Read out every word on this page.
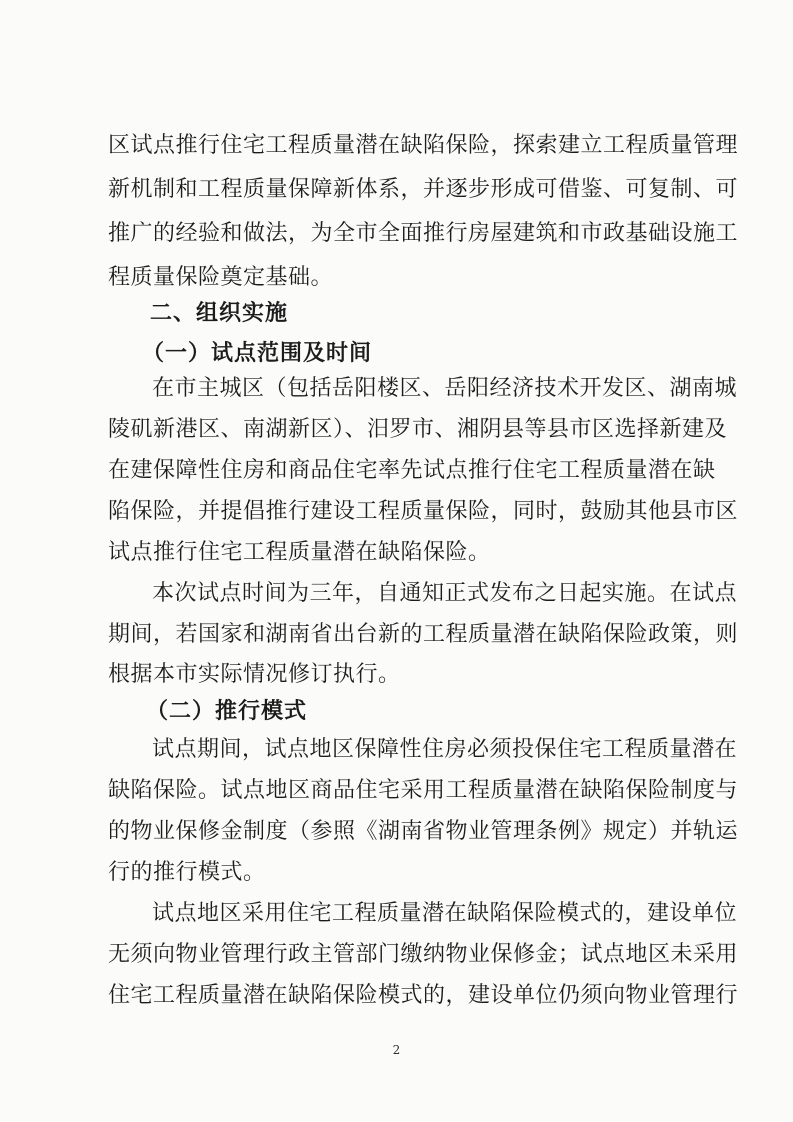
区试点推行住宅工程质量潜在缺陷保险，探索建立工程质量管理
新机制和工程质量保障新体系，并逐步形成可借鉴、可复制、可
推广的经验和做法，为全市全面推行房屋建筑和市政基础设施工
程质量保险奠定基础。
二、组织实施
（一）试点范围及时间
在市主城区（包括岳阳楼区、岳阳经济技术开发区、湖南城
陵矶新港区、南湖新区）、汨罗市、湘阴县等县市区选择新建及
在建保障性住房和商品住宅率先试点推行住宅工程质量潜在缺
陷保险，并提倡推行建设工程质量保险，同时，鼓励其他县市区
试点推行住宅工程质量潜在缺陷保险。
本次试点时间为三年，自通知正式发布之日起实施。在试点
期间，若国家和湖南省出台新的工程质量潜在缺陷保险政策，则
根据本市实际情况修订执行。
（二）推行模式
试点期间，试点地区保障性住房必须投保住宅工程质量潜在
缺陷保险。试点地区商品住宅采用工程质量潜在缺陷保险制度与
的物业保修金制度（参照《湖南省物业管理条例》规定）并轨运
行的推行模式。
试点地区采用住宅工程质量潜在缺陷保险模式的，建设单位
无须向物业管理行政主管部门缴纳物业保修金；试点地区未采用
住宅工程质量潜在缺陷保险模式的，建设单位仍须向物业管理行
2
